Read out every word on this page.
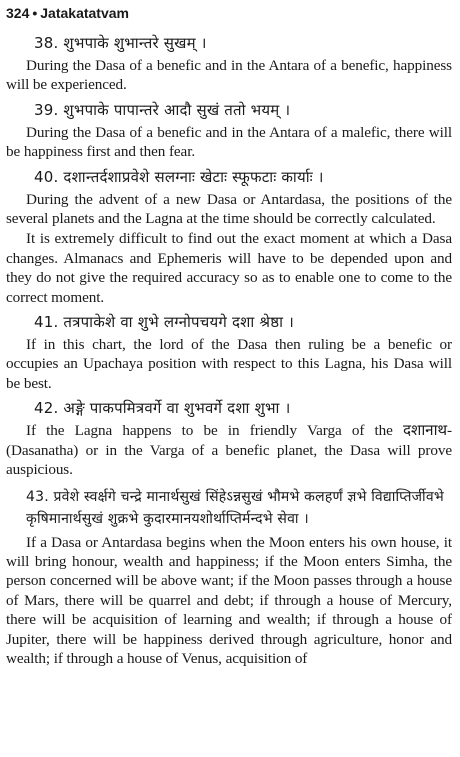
324 • Jatakatatvam
38. शुभपाके शुभान्तरे सुखम् ।

During the Dasa of a benefic and in the Antara of a benefic, happiness will be experienced.

39. शुभपाके पापान्तरे आदौ सुखं ततो भयम् ।

During the Dasa of a benefic and in the Antara of a malefic, there will be happiness first and then fear.

40. दशान्तर्दशाप्रवेशे सलग्नाः खेटाः स्फूफटाः कार्याः ।

During the advent of a new Dasa or Antardasa, the positions of the several planets and the Lagna at the time should be correctly calculated.

It is extremely difficult to find out the exact moment at which a Dasa changes. Almanacs and Ephemeris will have to be depended upon and they do not give the required accuracy so as to enable one to come to the correct moment.

41. तत्रपाकेशे वा शुभे लग्नोपचयगे दशा श्रेष्ठा ।

If in this chart, the lord of the Dasa then ruling be a benefic or occupies an Upachaya position with respect to this Lagna, his Dasa will be best.

42. अङ्गे पाकपमित्रवर्गे वा शुभवर्गे दशा शुभा ।

If the Lagna happens to be in friendly Varga of the दशानाथ-(Dasanatha) or in the Varga of a benefic planet, the Dasa will prove auspicious.

43. प्रवेशे स्वर्क्षगे चन्द्रे मानार्थसुखं सिंहेऽन्नसुखं भौमभे कलहर्णं ज्ञभे विद्याप्तिर्जीवभे कृषिमानार्थसुखं शुक्रभे कुदारमानयशोर्थाप्तिर्मन्दभे सेवा ।

If a Dasa or Antardasa begins when the Moon enters his own house, it will bring honour, wealth and happiness; if the Moon enters Simha, the person concerned will be above want; if the Moon passes through a house of Mars, there will be quarrel and debt; if through a house of Mercury, there will be acquisition of learning and wealth; if through a house of Jupiter, there will be happiness derived through agriculture, honor and wealth; if through a house of Venus, acquisition of
